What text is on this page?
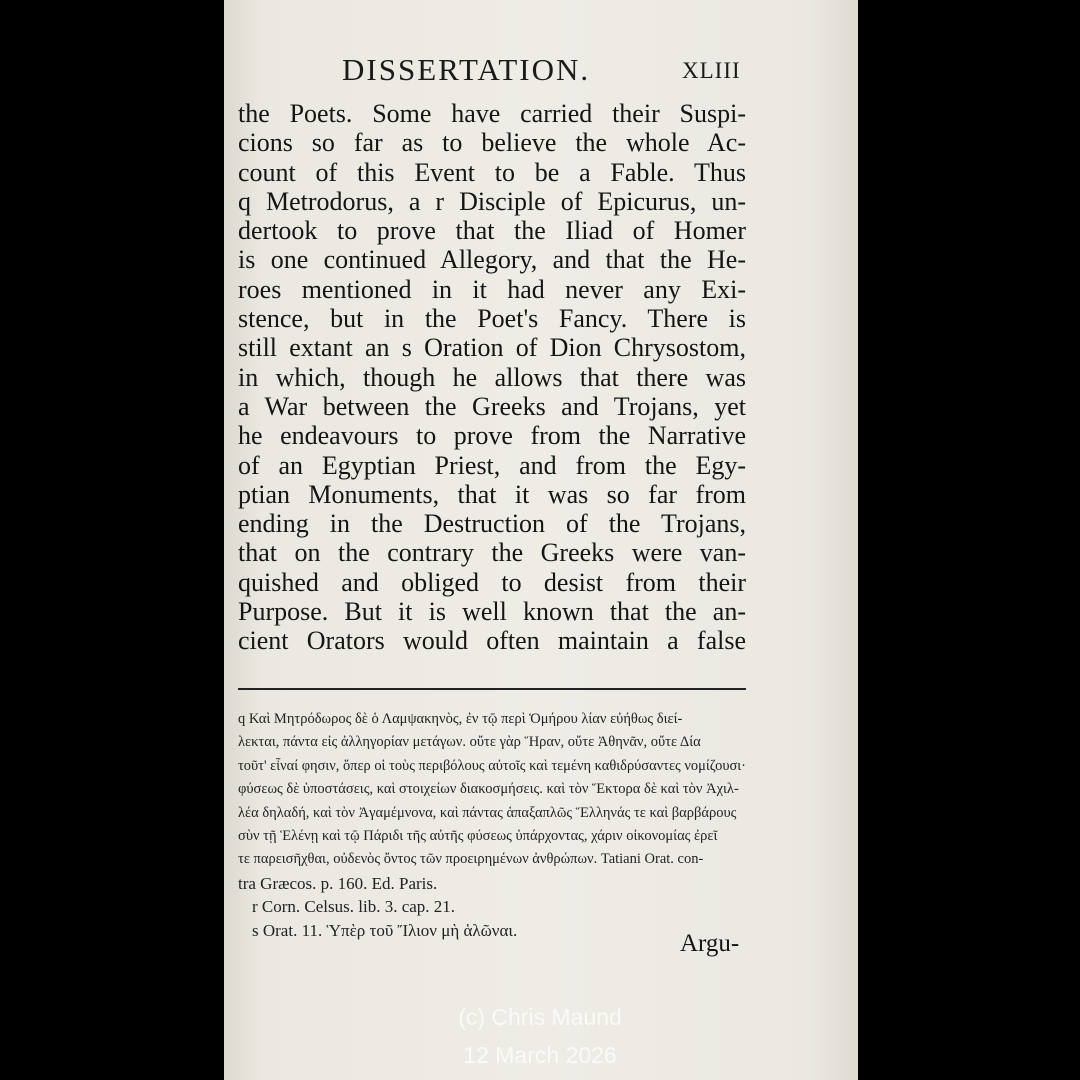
DISSERTATION.	XLIII
the Poets. Some have carried their Suspi-
cions so far as to believe the whole Ac-
count of this Event to be a Fable. Thus
q Metrodorus, a r Disciple of Epicurus, un-
dertook to prove that the Iliad of Homer
is one continued Allegory, and that the He-
roes mentioned in it had never any Exi-
stence, but in the Poet's Fancy. There is
still extant an s Oration of Dion Chrysostom,
in which, though he allows that there was
a War between the Greeks and Trojans, yet
he endeavours to prove from the Narrative
of an Egyptian Priest, and from the Egy-
ptian Monuments, that it was so far from
ending in the Destruction of the Trojans,
that on the contrary the Greeks were van-
quished and obliged to desist from their
Purpose. But it is well known that the an-
cient Orators would often maintain a false
q Καὶ Μητρόδωρος δὲ ὁ Λαμψακηνὸς, ἐν τῷ περὶ Ὁμήρου λίαν εὐήθως διεί-
λεκται, πάντα εἰς ἀλληγορίαν μετάγων. οὔτε γὰρ Ἥραν, οὔτε Ἀθηνᾶν, οὔτε Δία
τοῦτ' εἶναί φησιν, ὅπερ οἱ τοὺς περιβόλους αὐτοῖς καὶ τεμένη καθιδρύσαντες νομίζουσι·
φύσεως δὲ ὑποστάσεις, καὶ στοιχείων διακοσμήσεις. καὶ τὸν Ἕκτορα δὲ καὶ τὸν Ἀχιλ-
λέα δηλαδή, καὶ τὸν Ἀγαμέμνονα, καὶ πάντας ἁπαξαπλῶς Ἕλληνάς τε καὶ βαρβάρους
σὺν τῇ Ἑλένῃ καὶ τῷ Πάριδι τῆς αὐτῆς φύσεως ὑπάρχοντας, χάριν οἰκονομίας ἐρεῖ
τε παρεισῆχθαι, οὐδενὸς ὄντος τῶν προειρημένων ἀνθρώπων. Tatiani Orat. con-
tra Græcos. p. 160. Ed. Paris.
r Corn. Celsus. lib. 3. cap. 21.
s Orat. 11. Ὑπὲρ τοῦ Ἴλιον μὴ ἁλῶναι.	Argu-
(c) Chris Maund
12 March 2026
